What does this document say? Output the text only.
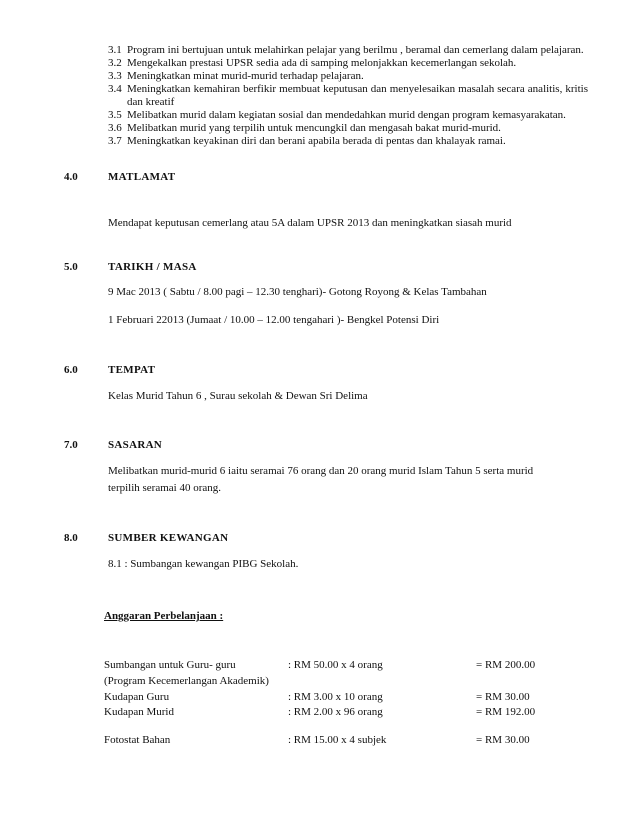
3.1 Program ini bertujuan untuk melahirkan pelajar yang berilmu , beramal dan cemerlang dalam pelajaran.
3.2 Mengekalkan prestasi UPSR sedia ada di samping melonjakkan kecemerlangan sekolah.
3.3 Meningkatkan minat murid-murid terhadap pelajaran.
3.4 Meningkatkan kemahiran berfikir membuat keputusan dan menyelesaikan masalah secara analitis, kritis dan kreatif
3.5 Melibatkan murid dalam kegiatan sosial dan mendedahkan murid dengan program kemasyarakatan.
3.6 Melibatkan murid yang terpilih untuk mencungkil dan mengasah bakat murid-murid.
3.7 Meningkatkan keyakinan diri dan berani apabila berada di pentas dan khalayak ramai.
4.0	MATLAMAT
Mendapat keputusan cemerlang atau 5A dalam UPSR 2013 dan meningkatkan siasah murid
5.0	TARIKH / MASA
9 Mac 2013 ( Sabtu / 8.00 pagi – 12.30 tenghari)- Gotong Royong & Kelas Tambahan
1 Februari 22013 (Jumaat / 10.00 – 12.00 tengahari )- Bengkel Potensi Diri
6.0	TEMPAT
Kelas Murid Tahun 6 , Surau sekolah & Dewan Sri Delima
7.0	SASARAN
Melibatkan murid-murid 6 iaitu seramai 76 orang dan 20 orang murid Islam Tahun 5 serta murid
terpilih seramai 40 orang.
8.0	SUMBER KEWANGAN
8.1 : Sumbangan kewangan PIBG Sekolah.
Anggaran Perbelanjaan :
Sumbangan untuk Guru- guru	: RM 50.00 x 4 orang	= RM 200.00
(Program Kecemerlangan Akademik)
Kudapan Guru	: RM 3.00 x 10 orang	= RM 30.00
Kudapan Murid	: RM 2.00 x 96 orang	= RM 192.00
Fotostat Bahan	: RM 15.00 x 4 subjek	= RM 30.00
